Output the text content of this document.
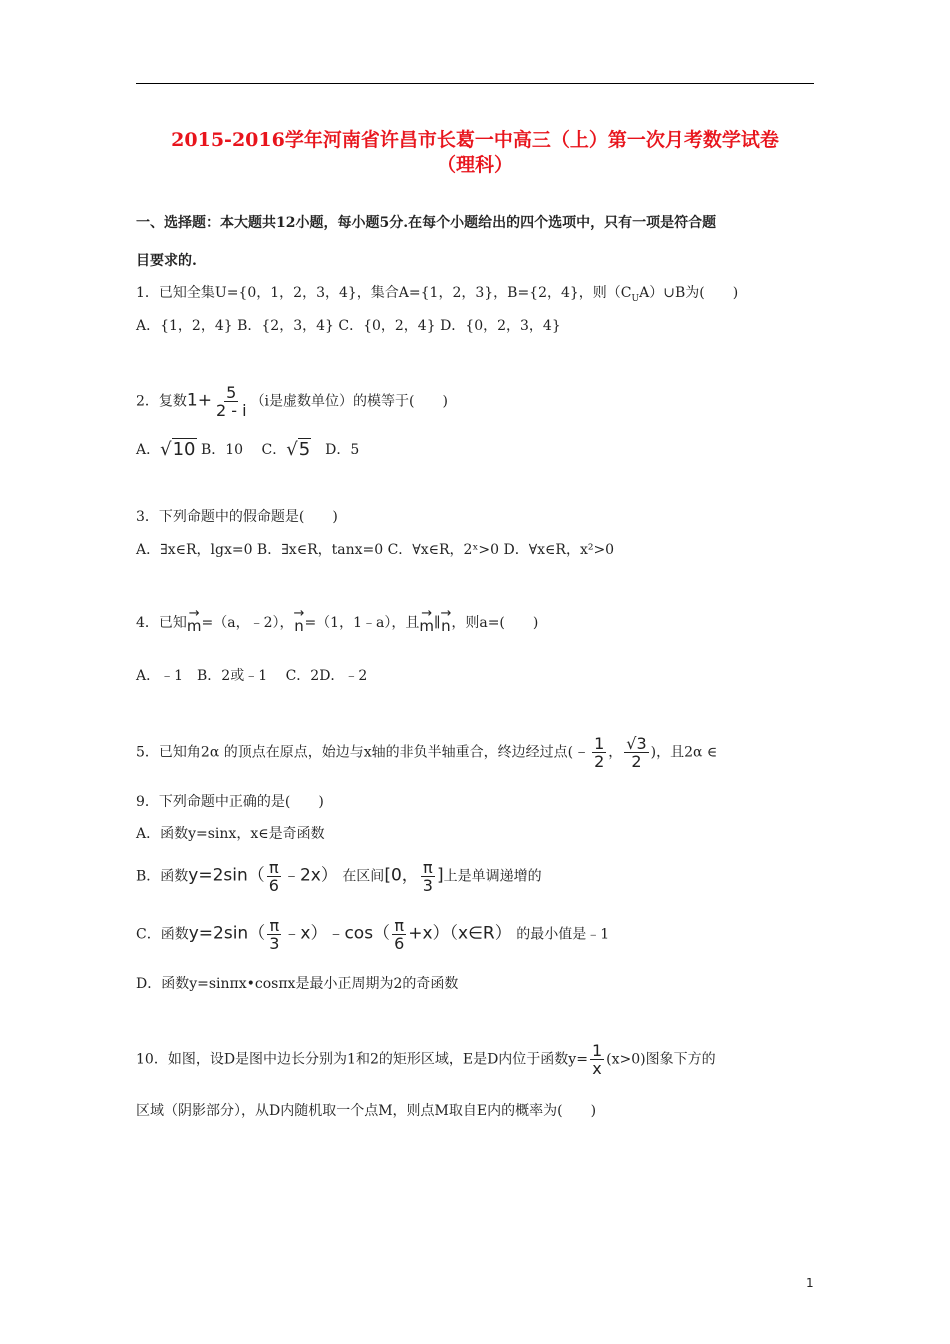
2015-2016学年河南省许昌市长葛一中高三（上）第一次月考数学试卷
（理科）
一、选择题：本大题共12小题，每小题5分.在每个小题给出的四个选项中，只有一项是符合题
目要求的.
1．已知全集U={0，1，2，3，4}，集合A={1，2，3}，B={2，4}，则$(C_UA)\cup B$为(　　)
A．{1，2，4} B．{2，3，4} C．{0，2，4} D．{0，2，3，4}
2．复数$1+ \frac{5}{2 - i} (i$是虚数单位）的模等于(　　)
A．√10 B．10　 C．√5　D．5
3．下列命题中的假命题是(　　)
A．∃x∈R，lgx=0 B．∃x∈R，tanx=0 C．∀x∈R，2ˣ>0 D．∀x∈R，x²>0
4．已知
→
m =（a，﹣2），
→
n =（1，1﹣a），且
→
m ∥
→
n ，则a=(　　)
A．﹣1　B．2或﹣1　 C．2D．﹣2
5．已知角2α 的顶点在原点，始边与x轴的非负半轴重合，终边经过点(﹣ $\frac{1}{2}$ ， $\frac{√3}{2}$ )，且2α ∈
9．下列命题中正确的是(　　)
A．函数y=sinx，x∈是奇函数
B．函数$y=2\sin( \frac{\pi}{6}$ ﹣2x） 在区间[0， $\frac{\pi}{3}$ ]上是单调递增的
C．函数$y=2\sin( \frac{\pi}{3}$ ﹣x）﹣cos（ $\frac{\pi}{6}$ +x）（x∈R） 的最小值是﹣1
D．函数y=sinπx•cosπx是最小正周期为2的奇函数
10．如图，设D是图中边长分别为1和2的矩形区域，E是D内位于函数$y= \frac{1}{x} (x>0)$图象下方的
区域（阴影部分），从D内随机取一个点M，则点M取自E内的概率为(　　)
1
